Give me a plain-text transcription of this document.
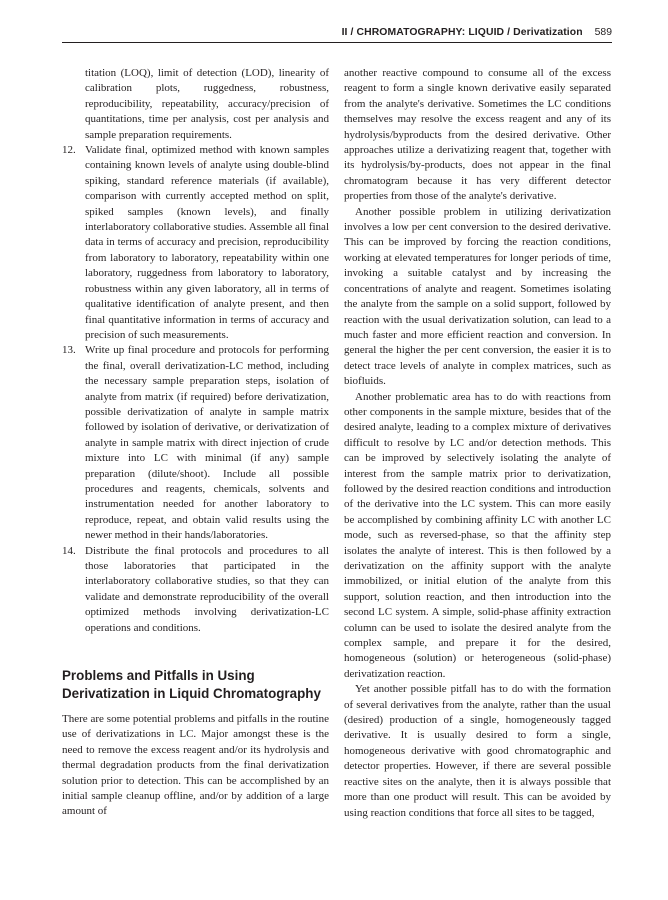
II / CHROMATOGRAPHY: LIQUID / Derivatization 589

titation (LOQ), limit of detection (LOD), linearity of calibration plots, ruggedness, robustness, reproducibility, repeatability, accuracy/precision of quantitations, time per analysis, cost per analysis and sample preparation requirements.

12. Validate final, optimized method with known samples containing known levels of analyte using double-blind spiking, standard reference materials (if available), comparison with currently accepted method on split, spiked samples (known levels), and finally interlaboratory collaborative studies. Assemble all final data in terms of accuracy and precision, reproducibility from laboratory to laboratory, repeatability within one laboratory, ruggedness from laboratory to laboratory, robustness within any given laboratory, all in terms of qualitative identification of analyte present, and then final quantitative information in terms of accuracy and precision of such measurements.

13. Write up final procedure and protocols for performing the final, overall derivatization-LC method, including the necessary sample preparation steps, isolation of analyte from matrix (if required) before derivatization, possible derivatization of analyte in sample matrix followed by isolation of derivative, or derivatization of analyte in sample matrix with direct injection of crude mixture into LC with minimal (if any) sample preparation (dilute/shoot). Include all possible procedures and reagents, chemicals, solvents and instrumentation needed for another laboratory to reproduce, repeat, and obtain valid results using the newer method in their hands/laboratories.

14. Distribute the final protocols and procedures to all those laboratories that participated in the interlaboratory collaborative studies, so that they can validate and demonstrate reproducibility of the overall optimized methods involving derivatization-LC operations and conditions.

Problems and Pitfalls in Using Derivatization in Liquid Chromatography

There are some potential problems and pitfalls in the routine use of derivatizations in LC. Major amongst these is the need to remove the excess reagent and/or its hydrolysis and thermal degradation products from the final derivatization solution prior to detection. This can be accomplished by an initial sample cleanup offline, and/or by addition of a large amount of

another reactive compound to consume all of the excess reagent to form a single known derivative easily separated from the analyte's derivative. Sometimes the LC conditions themselves may resolve the excess reagent and any of its hydrolysis/byproducts from the desired derivative. Other approaches utilize a derivatizing reagent that, together with its hydrolysis/by-products, does not appear in the final chromatogram because it has very different detector properties from those of the analyte's derivative.

Another possible problem in utilizing derivatization involves a low per cent conversion to the desired derivative. This can be improved by forcing the reaction conditions, working at elevated temperatures for longer periods of time, invoking a suitable catalyst and by increasing the concentrations of analyte and reagent. Sometimes isolating the analyte from the sample on a solid support, followed by reaction with the usual derivatization solution, can lead to a much faster and more efficient reaction and conversion. In general the higher the per cent conversion, the easier it is to detect trace levels of analyte in complex matrices, such as biofluids.

Another problematic area has to do with reactions from other components in the sample mixture, besides that of the desired analyte, leading to a complex mixture of derivatives difficult to resolve by LC and/or detection methods. This can be improved by selectively isolating the analyte of interest from the sample matrix prior to derivatization, followed by the desired reaction conditions and introduction of the derivative into the LC system. This can more easily be accomplished by combining affinity LC with another LC mode, such as reversed-phase, so that the affinity step isolates the analyte of interest. This is then followed by a derivatization on the affinity support with the analyte immobilized, or initial elution of the analyte from this support, solution reaction, and then introduction into the second LC system. A simple, solid-phase affinity extraction column can be used to isolate the desired analyte from the complex sample, and prepare it for the desired, homogeneous (solution) or heterogeneous (solid-phase) derivatization reaction.

Yet another possible pitfall has to do with the formation of several derivatives from the analyte, rather than the usual (desired) production of a single, homogeneously tagged derivative. It is usually desired to form a single, homogeneous derivative with good chromatographic and detector properties. However, if there are several possible reactive sites on the analyte, then it is always possible that more than one product will result. This can be avoided by using reaction conditions that force all sites to be tagged,
